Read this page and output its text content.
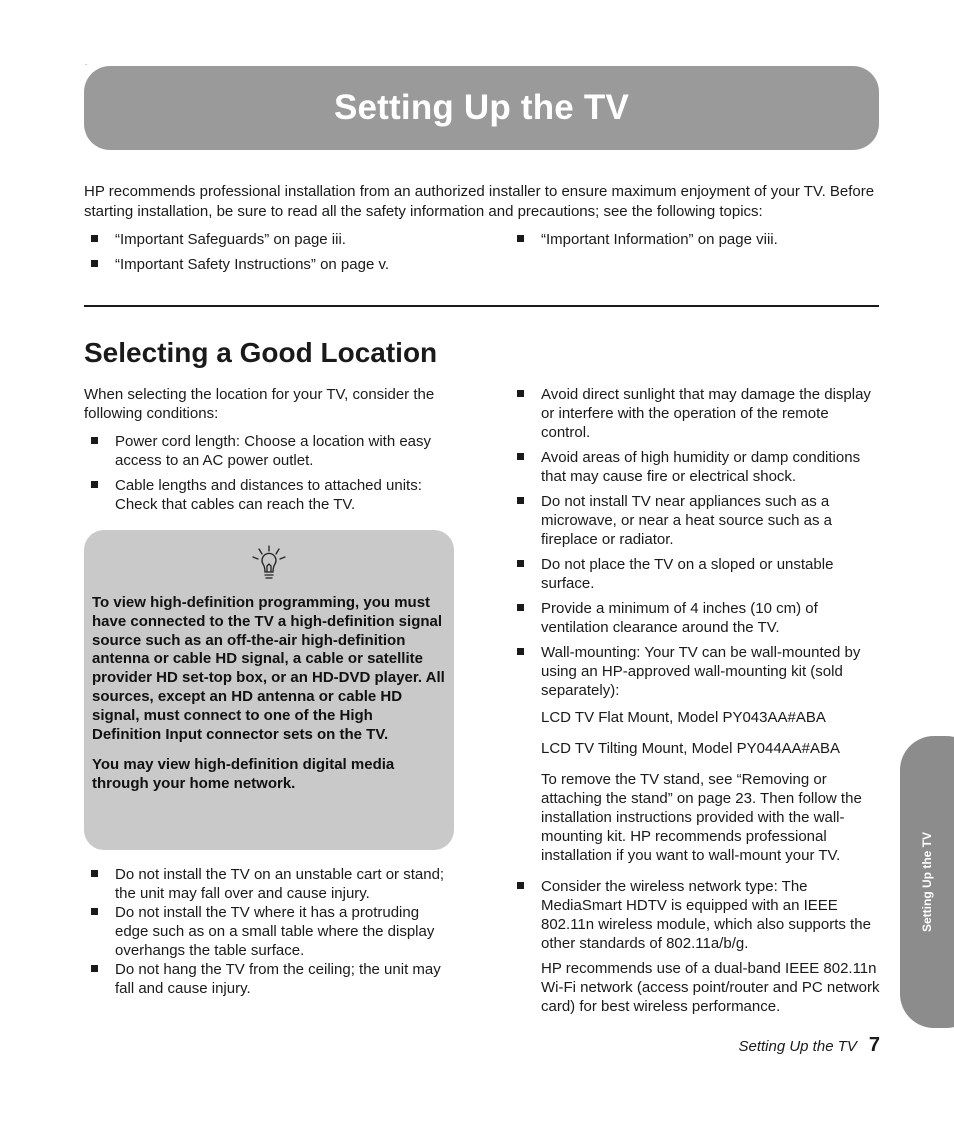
.
Setting Up the TV

HP recommends professional installation from an authorized installer to ensure maximum enjoyment of your TV. Before starting installation, be sure to read all the safety information and precautions; see the following topics:

“Important Safeguards” on page iii.
“Important Safety Instructions” on page v.
“Important Information” on page viii.
Selecting a Good Location

When selecting the location for your TV, consider the following conditions:

Power cord length: Choose a location with easy access to an AC power outlet.
Cable lengths and distances to attached units: Check that cables can reach the TV.

To view high-definition programming, you must have connected to the TV a high-definition signal source such as an off-the-air high-definition antenna or cable HD signal, a cable or satellite provider HD set-top box, or an HD-DVD player. All sources, except an HD antenna or cable HD signal, must connect to one of the High Definition Input connector sets on the TV.

You may view high-definition digital media through your home network.

Do not install the TV on an unstable cart or stand; the unit may fall over and cause injury.
Do not install the TV where it has a protruding edge such as on a small table where the display overhangs the table surface.
Do not hang the TV from the ceiling; the unit may fall and cause injury.
Avoid direct sunlight that may damage the display or interfere with the operation of the remote control.
Avoid areas of high humidity or damp conditions that may cause fire or electrical shock.
Do not install TV near appliances such as a microwave, or near a heat source such as a fireplace or radiator.
Do not place the TV on a sloped or unstable surface.
Provide a minimum of 4 inches (10 cm) of ventilation clearance around the TV.
Wall-mounting: Your TV can be wall-mounted by using an HP-approved wall-mounting kit (sold separately):

LCD TV Flat Mount, Model PY043AA#ABA

LCD TV Tilting Mount, Model PY044AA#ABA

To remove the TV stand, see “Removing or attaching the stand” on page 23. Then follow the installation instructions provided with the wall-mounting kit. HP recommends professional installation if you want to wall-mount your TV.

Consider the wireless network type: The MediaSmart HDTV is equipped with an IEEE 802.11n wireless module, which also supports the other standards of 802.11a/b/g.

HP recommends use of a dual-band IEEE 802.11n Wi-Fi network (access point/router and PC network card) for best wireless performance.

Setting Up the TV
Setting Up the TV 7
